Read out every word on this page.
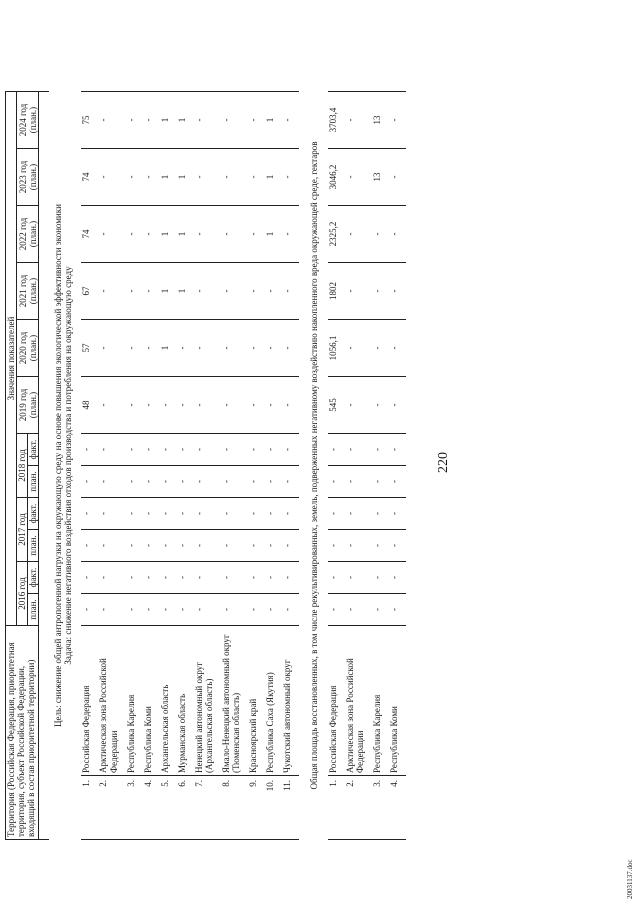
220
Территория (Российская Федерация, приоритетная территория, субъект Российской Федерации, входящий в состав приоритетной территории)		Значения показателей											
		2016 год		2017 год		2018 год		2019 год (план.)	2020 год (план.)	2021 год (план.)	2022 год (план.)	2023 год (план.)	2024 год (план.)
		план.	факт.	план.	факт.	план.	факт.						

Цель: снижение общей антропогенной нагрузки на окружающую среду на основе повышения экологической эффективности экономики Задача: снижение негативного воздействия отходов производства и потребления на окружающую среду													

1.	Российская Федерация	-	-	-	-	-	-	48	57	67	74	74	75
2.	Арктическая зона Российской Федерации	-	-	-	-	-	-	-	-	-	-	-	-
3.	Республика Карелия	-	-	-	-	-	-	-	-	-	-	-	-
4.	Республика Коми	-	-	-	-	-	-	-	-	-	-	-	-
5.	Архангельская область	-	-	-	-	-	-	-	1	1	1	1	1
6.	Мурманская область	-	-	-	-	-	-	-	-	1	1	1	1
7.	Ненецкий автономный округ (Архангельская область)	-	-	-	-	-	-	-	-	-	-	-	-
8.	Ямало-Ненецкий автономный округ (Тюменская область)	-	-	-	-	-	-	-	-	-	-	-	-
9.	Красноярский край	-	-	-	-	-	-	-	-	-	-	-	-
10.	Республика Саха (Якутия)	-	-	-	-	-	-	-	-	-	1	1	1
11.	Чукотский автономный округ	-	-	-	-	-	-	-	-	-	-	-	-

Общая площадь восстановленных, в том числе рекультивированных, земель, подверженных негативному воздействию накопленного вреда окружающей среде, гектаров													

1.	Российская Федерация	-	-	-	-	-	-	545	1056,1	1802	2325,2	3046,2	3703,4
2.	Арктическая зона Российской Федерации	-	-	-	-	-	-	-	-	-	-	-	-
3.	Республика Карелия	-	-	-	-	-	-	-	-	-	-	13	13
4.	Республика Коми	-	-	-	-	-	-	-	-	-	-	-	-
20031137.doc
